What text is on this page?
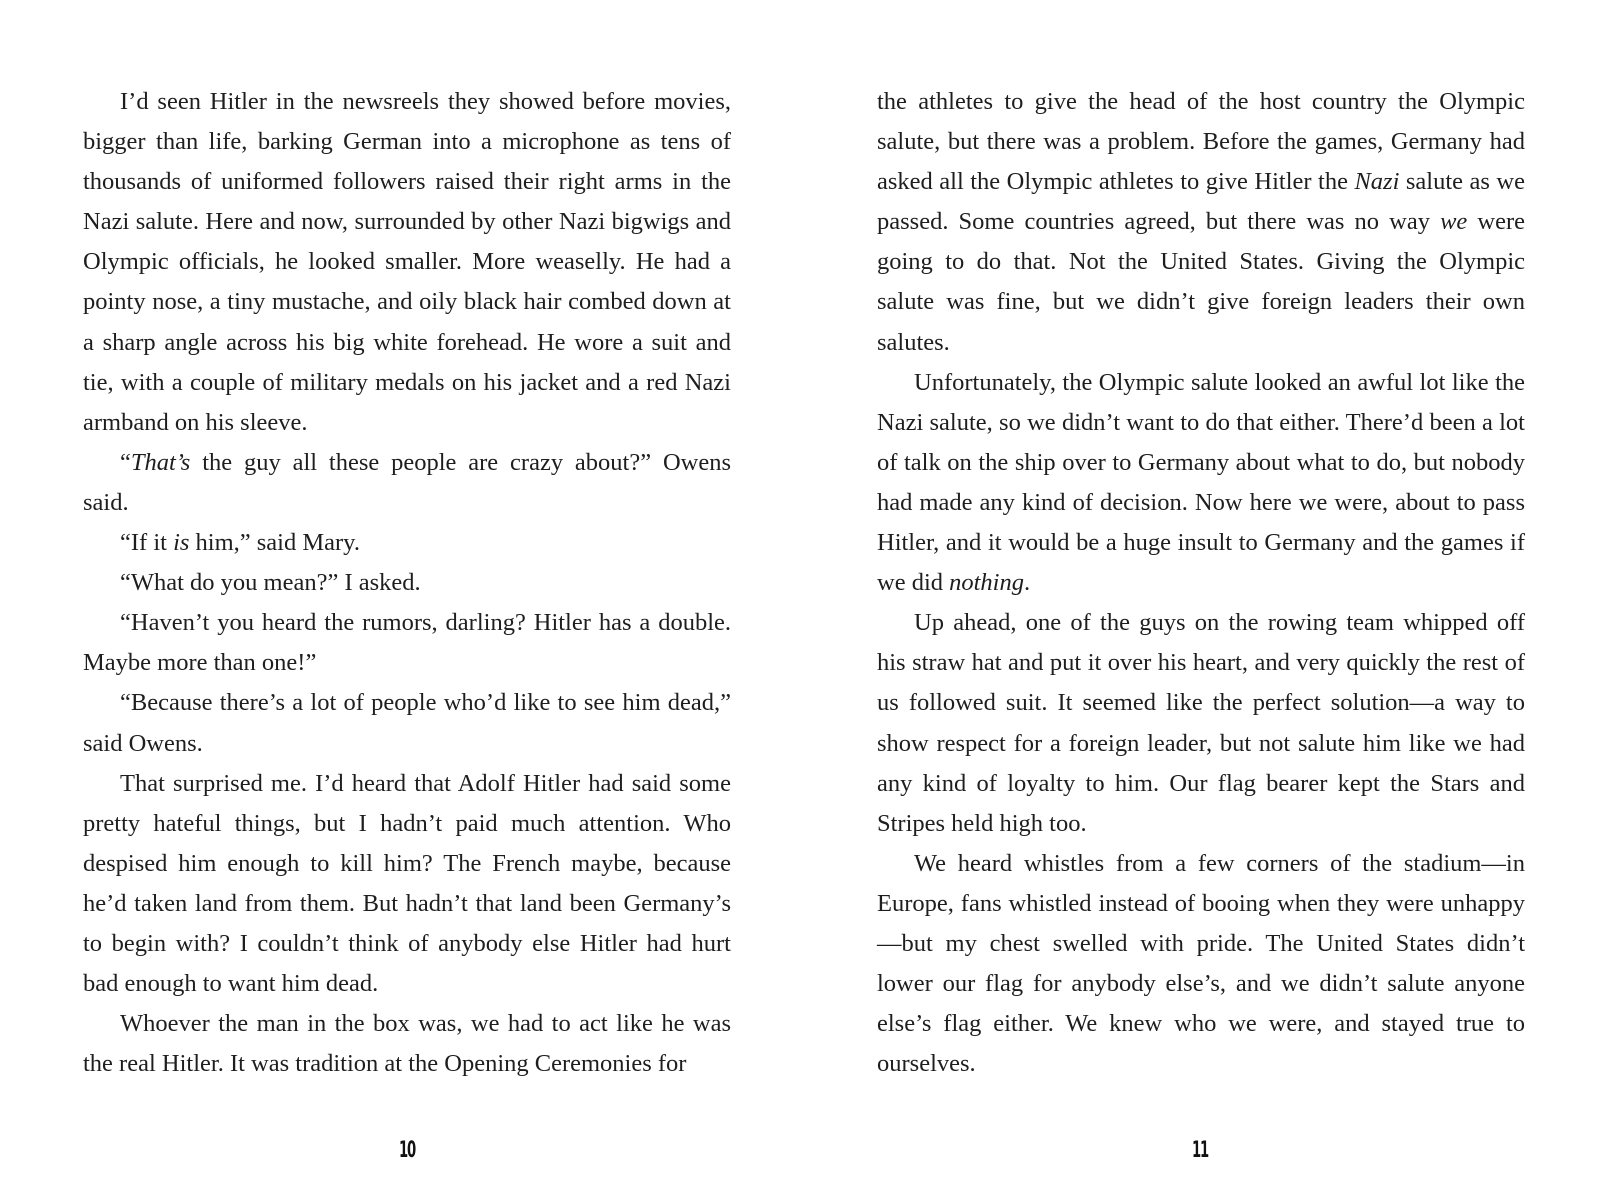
I’d seen Hitler in the newsreels they showed before movies, bigger than life, barking German into a microphone as tens of thousands of uniformed followers raised their right arms in the Nazi salute. Here and now, surrounded by other Nazi bigwigs and Olympic officials, he looked smaller. More weaselly. He had a pointy nose, a tiny mustache, and oily black hair combed down at a sharp angle across his big white forehead. He wore a suit and tie, with a couple of military medals on his jacket and a red Nazi armband on his sleeve.

“That’s the guy all these people are crazy about?” Owens said.

“If it is him,” said Mary.

“What do you mean?” I asked.

“Haven’t you heard the rumors, darling? Hitler has a double. Maybe more than one!”

“Because there’s a lot of people who’d like to see him dead,” said Owens.

That surprised me. I’d heard that Adolf Hitler had said some pretty hateful things, but I hadn’t paid much attention. Who despised him enough to kill him? The French maybe, because he’d taken land from them. But hadn’t that land been Germany’s to begin with? I couldn’t think of anybody else Hitler had hurt bad enough to want him dead.

Whoever the man in the box was, we had to act like he was the real Hitler. It was tradition at the Opening Ceremonies for

10

the athletes to give the head of the host country the Olympic salute, but there was a problem. Before the games, Germany had asked all the Olympic athletes to give Hitler the Nazi salute as we passed. Some countries agreed, but there was no way we were going to do that. Not the United States. Giving the Olympic salute was fine, but we didn’t give foreign leaders their own salutes.

Unfortunately, the Olympic salute looked an awful lot like the Nazi salute, so we didn’t want to do that either. There’d been a lot of talk on the ship over to Germany about what to do, but nobody had made any kind of decision. Now here we were, about to pass Hitler, and it would be a huge insult to Germany and the games if we did nothing.

Up ahead, one of the guys on the rowing team whipped off his straw hat and put it over his heart, and very quickly the rest of us followed suit. It seemed like the perfect solution—a way to show respect for a foreign leader, but not salute him like we had any kind of loyalty to him. Our flag bearer kept the Stars and Stripes held high too.

We heard whistles from a few corners of the stadium—in Europe, fans whistled instead of booing when they were unhappy—but my chest swelled with pride. The United States didn’t lower our flag for anybody else’s, and we didn’t salute anyone else’s flag either. We knew who we were, and stayed true to ourselves.

11
